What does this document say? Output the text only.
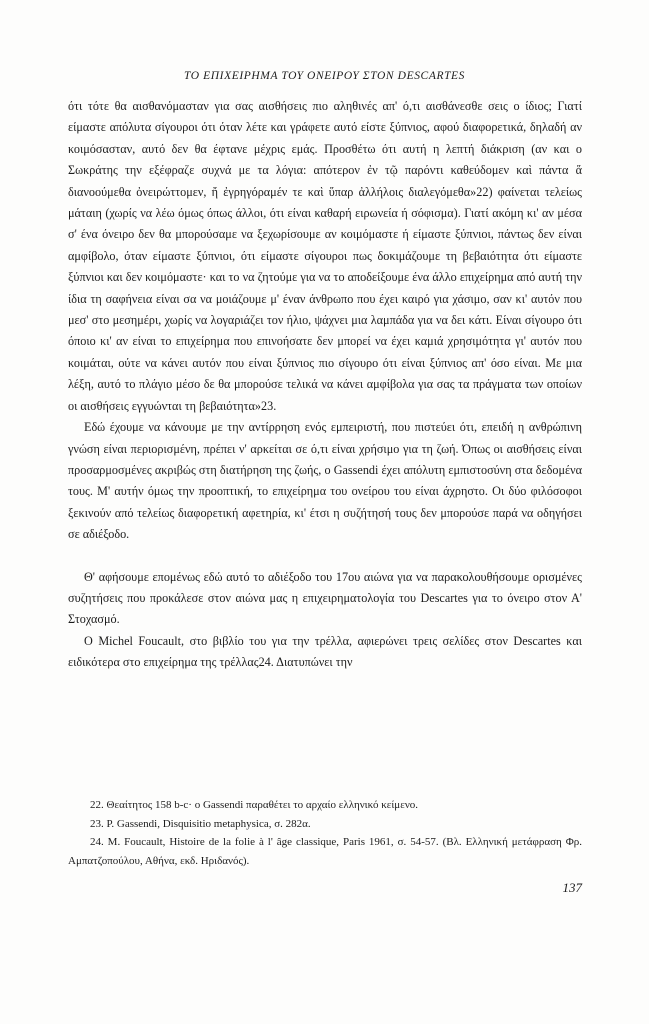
ΤΟ ΕΠΙΧΕΙΡΗΜΑ ΤΟΥ ΟΝΕΙΡΟΥ ΣΤΟΝ DESCARTES

ότι τότε θα αισθανόμασταν για σας αισθήσεις πιο αληθινές απ' ό,τι αισθάνεσθε σεις ο ίδιος; Γιατί είμαστε απόλυτα σίγουροι ότι όταν λέτε και γράφετε αυτό είστε ξύπνιος, αφού διαφορετικά, δηλαδή αν κοιμόσασταν, αυτό δεν θα έφτανε μέχρις εμάς. Προσθέτω ότι αυτή η λεπτή διάκριση (αν και ο Σωκράτης την εξέφραζε συχνά με τα λόγια: απότερον ἐν τῷ παρόντι καθεύδομεν καὶ πάντα ἅ διανοούμεθα ὀνειρώττομεν, ἤ ἐγρηγόραμέν τε καὶ ὕπαρ ἀλλήλοις διαλεγόμεθα»22) φαίνεται τελείως μάταιη (χωρίς να λέω όμως όπως άλλοι, ότι είναι καθαρή ειρωνεία ή σόφισμα). Γιατί ακόμη κι' αν μέσα σ' ένα όνειρο δεν θα μπορούσαμε να ξεχωρίσουμε αν κοιμόμαστε ή είμαστε ξύπνιοι, πάντως δεν είναι αμφίβολο, όταν είμαστε ξύπνιοι, ότι είμαστε σίγουροι πως δοκιμάζουμε τη βεβαιότητα ότι είμαστε ξύπνιοι και δεν κοιμόμαστε· και το να ζητούμε για να το αποδείξουμε ένα άλλο επιχείρημα από αυτή την ίδια τη σαφήνεια είναι σα να μοιάζουμε μ' έναν άνθρωπο που έχει καιρό για χάσιμο, σαν κι' αυτόν που μεσ' στο μεσημέρι, χωρίς να λογαριάζει τον ήλιο, ψάχνει μια λαμπάδα για να δει κάτι. Είναι σίγουρο ότι όποιο κι' αν είναι το επιχείρημα που επινοήσατε δεν μπορεί να έχει καμιά χρησιμότητα γι' αυτόν που κοιμάται, ούτε να κάνει αυτόν που είναι ξύπνιος πιο σίγουρο ότι είναι ξύπνιος απ' όσο είναι. Με μια λέξη, αυτό το πλάγιο μέσο δε θα μπορούσε τελικά να κάνει αμφίβολα για σας τα πράγματα των οποίων οι αισθήσεις εγγυώνται τη βεβαιότητα»23.

Εδώ έχουμε να κάνουμε με την αντίρρηση ενός εμπειριστή, που πιστεύει ότι, επειδή η ανθρώπινη γνώση είναι περιορισμένη, πρέπει ν' αρκείται σε ό,τι είναι χρήσιμο για τη ζωή. Όπως οι αισθήσεις είναι προσαρμοσμένες ακριβώς στη διατήρηση της ζωής, ο Gassendi έχει απόλυτη εμπιστοσύνη στα δεδομένα τους. Μ' αυτήν όμως την προοπτική, το επιχείρημα του ονείρου του είναι άχρηστο. Οι δύο φιλόσοφοι ξεκινούν από τελείως διαφορετική αφετηρία, κι' έτσι η συζήτησή τους δεν μπορούσε παρά να οδηγήσει σε αδιέξοδο.

Θ' αφήσουμε επομένως εδώ αυτό το αδιέξοδο του 17ου αιώνα για να παρακολουθήσουμε ορισμένες συζητήσεις που προκάλεσε στον αιώνα μας η επιχειρηματολογία του Descartes για το όνειρο στον Α' Στοχασμό.

Ο Michel Foucault, στο βιβλίο του για την τρέλλα, αφιερώνει τρεις σελίδες στον Descartes και ειδικότερα στο επιχείρημα της τρέλλας24. Διατυπώνει την

22. Θεαίτητος 158 b-c· ο Gassendi παραθέτει το αρχαίο ελληνικό κείμενο.

23. P. Gassendi, Disquisitio metaphysica, σ. 282α.

24. M. Foucault, Histoire de la folie à l' âge classique, Paris 1961, σ. 54-57. (Βλ. Ελληνική μετάφραση Φρ. Αμπατζοπούλου, Αθήνα, εκδ. Ηριδανός).

137
